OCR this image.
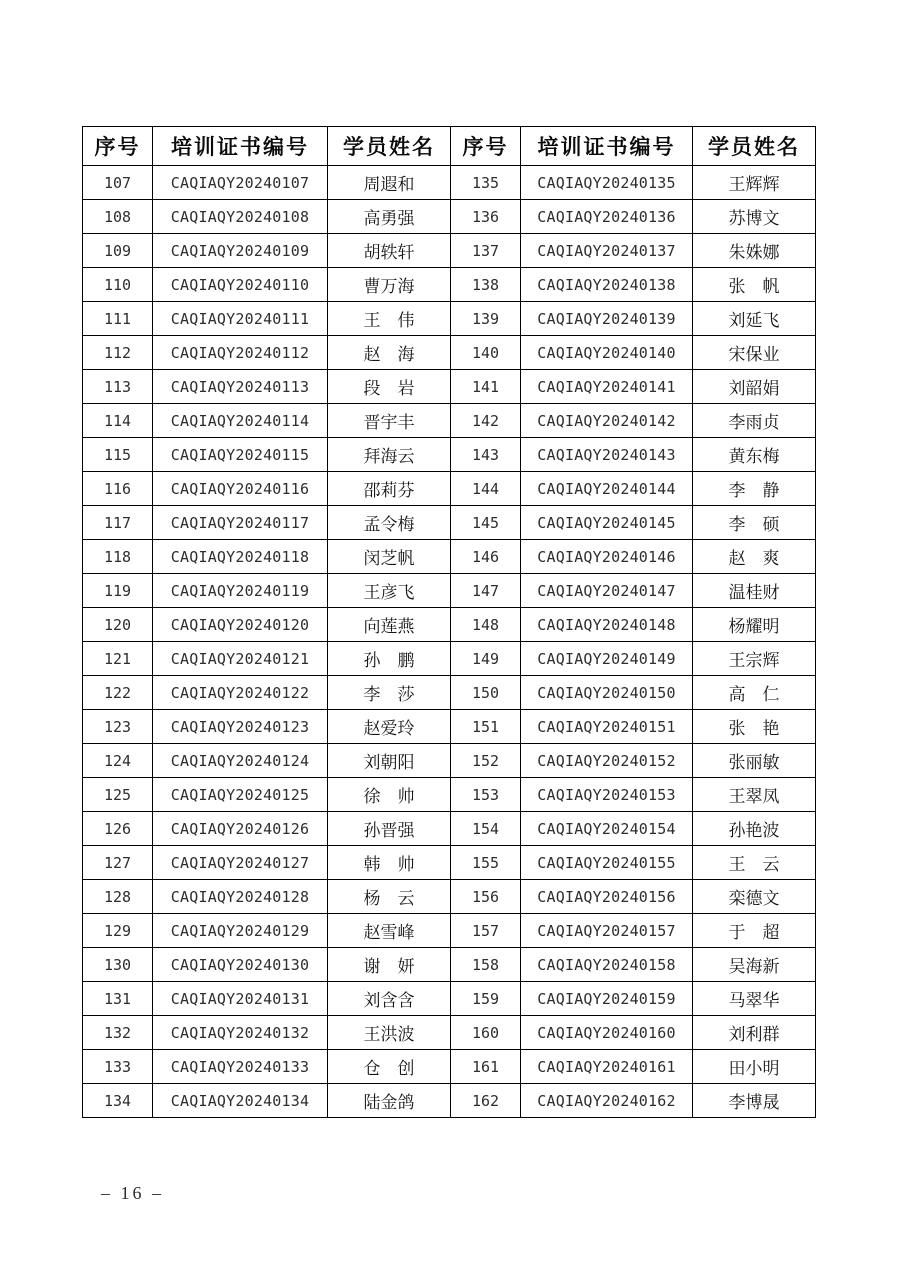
序号	培训证书编号	学员姓名	序号	培训证书编号	学员姓名
107	CAQIAQY20240107	周遐和	135	CAQIAQY20240135	王辉辉
108	CAQIAQY20240108	高勇强	136	CAQIAQY20240136	苏博文
109	CAQIAQY20240109	胡轶轩	137	CAQIAQY20240137	朱姝娜
110	CAQIAQY20240110	曹万海	138	CAQIAQY20240138	张　帆
111	CAQIAQY20240111	王　伟	139	CAQIAQY20240139	刘延飞
112	CAQIAQY20240112	赵　海	140	CAQIAQY20240140	宋保业
113	CAQIAQY20240113	段　岩	141	CAQIAQY20240141	刘韶娟
114	CAQIAQY20240114	晋宇丰	142	CAQIAQY20240142	李雨贞
115	CAQIAQY20240115	拜海云	143	CAQIAQY20240143	黄东梅
116	CAQIAQY20240116	邵莉芬	144	CAQIAQY20240144	李　静
117	CAQIAQY20240117	孟令梅	145	CAQIAQY20240145	李　硕
118	CAQIAQY20240118	闵芝帆	146	CAQIAQY20240146	赵　爽
119	CAQIAQY20240119	王彦飞	147	CAQIAQY20240147	温桂财
120	CAQIAQY20240120	向莲燕	148	CAQIAQY20240148	杨耀明
121	CAQIAQY20240121	孙　鹏	149	CAQIAQY20240149	王宗辉
122	CAQIAQY20240122	李　莎	150	CAQIAQY20240150	高　仁
123	CAQIAQY20240123	赵爱玲	151	CAQIAQY20240151	张　艳
124	CAQIAQY20240124	刘朝阳	152	CAQIAQY20240152	张丽敏
125	CAQIAQY20240125	徐　帅	153	CAQIAQY20240153	王翠凤
126	CAQIAQY20240126	孙晋强	154	CAQIAQY20240154	孙艳波
127	CAQIAQY20240127	韩　帅	155	CAQIAQY20240155	王　云
128	CAQIAQY20240128	杨　云	156	CAQIAQY20240156	栾德文
129	CAQIAQY20240129	赵雪峰	157	CAQIAQY20240157	于　超
130	CAQIAQY20240130	谢　妍	158	CAQIAQY20240158	吴海新
131	CAQIAQY20240131	刘含含	159	CAQIAQY20240159	马翠华
132	CAQIAQY20240132	王洪波	160	CAQIAQY20240160	刘利群
133	CAQIAQY20240133	仓　创	161	CAQIAQY20240161	田小明
134	CAQIAQY20240134	陆金鸽	162	CAQIAQY20240162	李博晟
– 16 –
